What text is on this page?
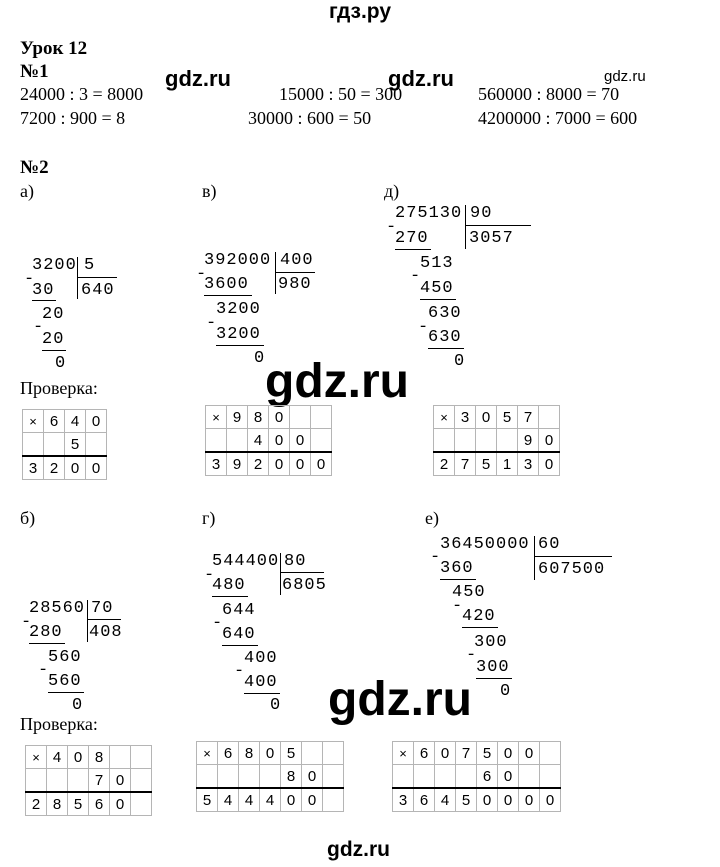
гдз.ру
gdz.ru
gdz.ru	gdz.ru	gdz.ru
gdz.ru
gdz.ru
Урок 12
№1
24000 : 3 = 8000	15000 : 50 = 300	560000 : 8000 = 70
7200 : 900 = 8	30000 : 600 = 50	4200000 : 7000 = 600
№2
а)	в)	д)
б)	г)	е)
3200 5
640
-
30
20
-
20
0
392000 400
980
-
3600
3200
-
3200
0
275130 90
3057
-
270
513
-
450
630
-
630
0
28560 70
408
-
280
560
-
560
0
544400 80
6805
-
480
644
-
640
400
-
400
0
36450000 60
607500
-
360
450
-
420
300
-
300
0
Проверка:
Проверка:
×	6	4	0
		5	
3	2	0	0
×	9	8	0		
		4	0	0	
3	9	2	0	0	0
×	3	0	5	7	
				9	0
2	7	5	1	3	0
×	4	0	8		
			7	0	
2	8	5	6	0	
×	6	8	0	5		
				8	0	
5	4	4	4	0	0	
×	6	0	7	5	0	0	
				6	0		
3	6	4	5	0	0	0	0
